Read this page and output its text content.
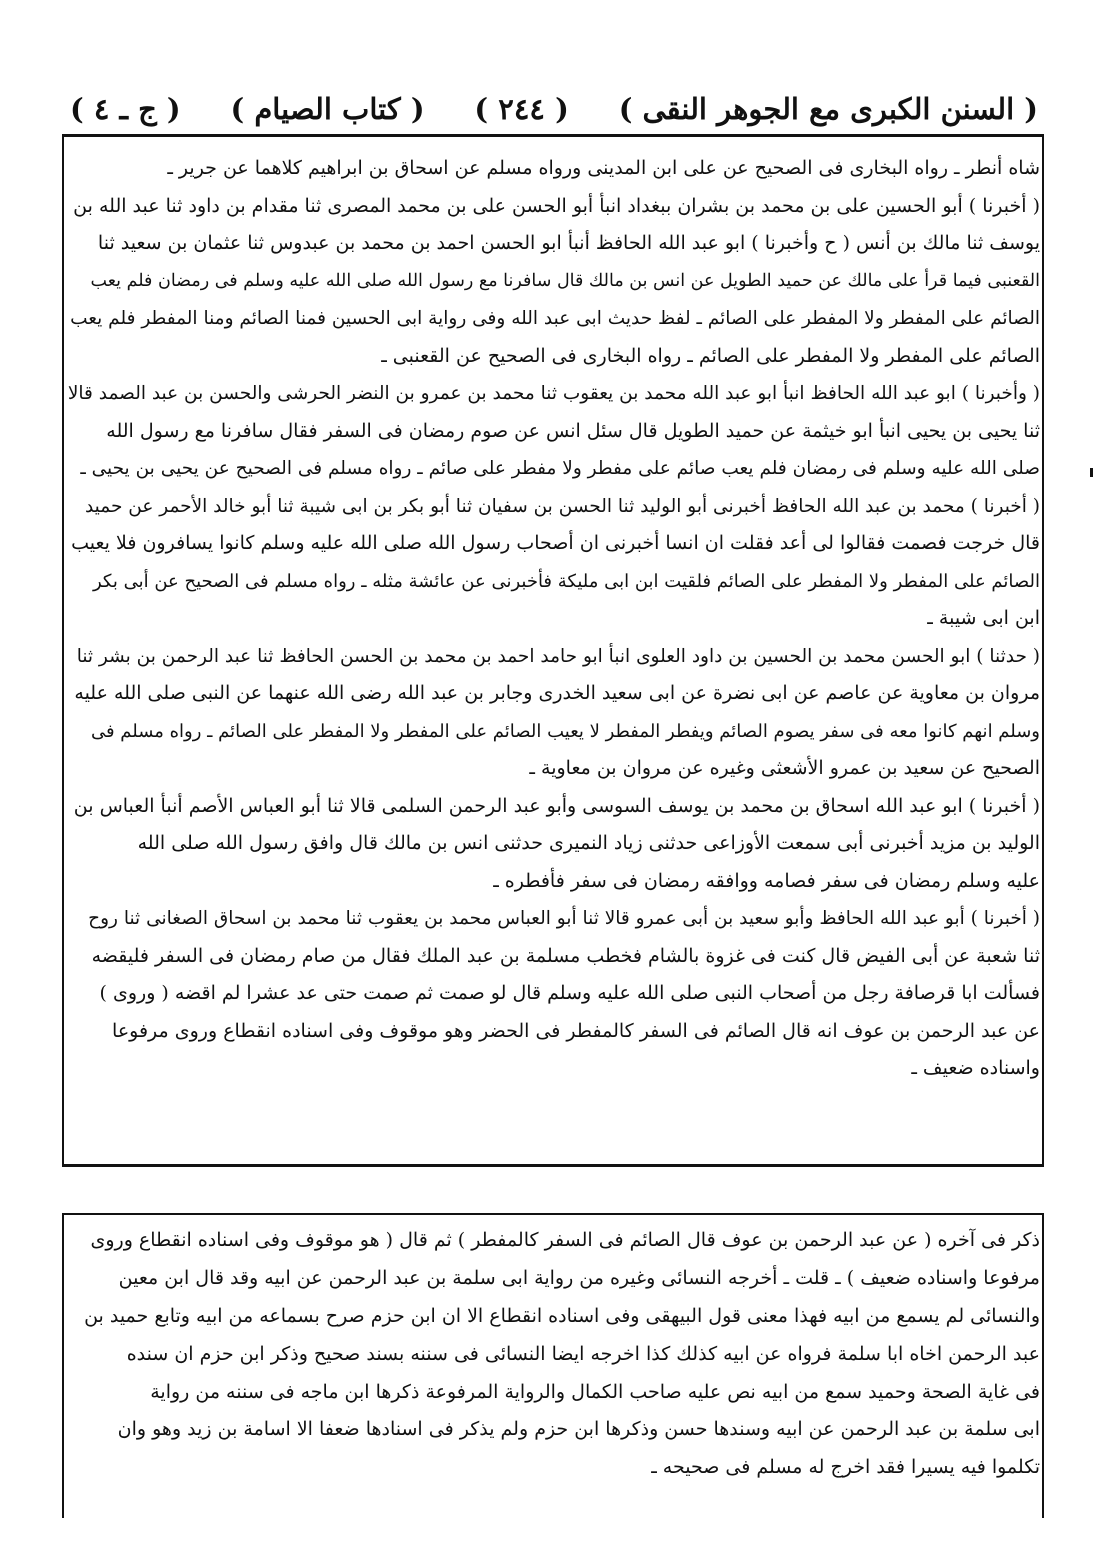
( السنن الكبرى مع الجوهر النقى )
( ٢٤٤ )
( كتاب الصيام )
( ج ـ ٤ )
شاه أنطر ـ رواه البخارى فى الصحيح عن على ابن المدينى ورواه مسلم عن اسحاق بن ابراهيم كلاهما عن جرير ـ
( أخبرنا ) أبو الحسين على بن محمد بن بشران ببغداد انبأ أبو الحسن على بن محمد المصرى ثنا مقدام بن داود ثنا عبد الله بن
يوسف ثنا مالك بن أنس ( ح وأخبرنا ) ابو عبد الله الحافظ أنبأ ابو الحسن احمد بن محمد بن عبدوس ثنا عثمان بن سعيد ثنا
القعنبى فيما قرأ على مالك عن حميد الطويل عن انس بن مالك قال سافرنا مع رسول الله صلى الله عليه وسلم فى رمضان فلم يعب
الصائم على المفطر ولا المفطر على الصائم ـ لفظ حديث ابى عبد الله وفى رواية ابى الحسين فمنا الصائم ومنا المفطر فلم يعب
الصائم على المفطر ولا المفطر على الصائم ـ رواه البخارى فى الصحيح عن القعنبى ـ
( وأخبرنا ) ابو عبد الله الحافظ انبأ ابو عبد الله محمد بن يعقوب ثنا محمد بن عمرو بن النضر الحرشى والحسن بن عبد الصمد قالا
ثنا يحيى بن يحيى انبأ ابو خيثمة عن حميد الطويل قال سئل انس عن صوم رمضان فى السفر فقال سافرنا مع رسول الله
صلى الله عليه وسلم فى رمضان فلم يعب صائم على مفطر ولا مفطر على صائم ـ رواه مسلم فى الصحيح عن يحيى بن يحيى ـ
( أخبرنا ) محمد بن عبد الله الحافظ أخبرنى أبو الوليد ثنا الحسن بن سفيان ثنا أبو بكر بن ابى شيبة ثنا أبو خالد الأحمر عن حميد
قال خرجت فصمت فقالوا لى أعد فقلت ان انسا أخبرنى ان أصحاب رسول الله صلى الله عليه وسلم كانوا يسافرون فلا يعيب
الصائم على المفطر ولا المفطر على الصائم فلقيت ابن ابى مليكة فأخبرنى عن عائشة مثله ـ رواه مسلم فى الصحيح عن أبى بكر
ابن ابى شيبة ـ
( حدثنا ) ابو الحسن محمد بن الحسين بن داود العلوى انبأ ابو حامد احمد بن محمد بن الحسن الحافظ ثنا عبد الرحمن بن بشر ثنا
مروان بن معاوية عن عاصم عن ابى نضرة عن ابى سعيد الخدرى وجابر بن عبد الله رضى الله عنهما عن النبى صلى الله عليه
وسلم انهم كانوا معه فى سفر يصوم الصائم ويفطر المفطر لا يعيب الصائم على المفطر ولا المفطر على الصائم ـ رواه مسلم فى
الصحيح عن سعيد بن عمرو الأشعثى وغيره عن مروان بن معاوية ـ
( أخبرنا ) ابو عبد الله اسحاق بن محمد بن يوسف السوسى وأبو عبد الرحمن السلمى قالا ثنا أبو العباس الأصم أنبأ العباس بن
الوليد بن مزيد أخبرنى أبى سمعت الأوزاعى حدثنى زياد النميرى حدثنى انس بن مالك قال وافق رسول الله صلى الله
عليه وسلم رمضان فى سفر فصامه ووافقه رمضان فى سفر فأفطره ـ
( أخبرنا ) أبو عبد الله الحافظ وأبو سعيد بن أبى عمرو قالا ثنا أبو العباس محمد بن يعقوب ثنا محمد بن اسحاق الصغانى ثنا روح
ثنا شعبة عن أبى الفيض قال كنت فى غزوة بالشام فخطب مسلمة بن عبد الملك فقال من صام رمضان فى السفر فليقضه
فسألت ابا قرصافة رجل من أصحاب النبى صلى الله عليه وسلم قال لو صمت ثم صمت حتى عد عشرا لم اقضه ( وروى )
عن عبد الرحمن بن عوف انه قال الصائم فى السفر كالمفطر فى الحضر وهو موقوف وفى اسناده انقطاع وروى مرفوعا
واسناده ضعيف ـ
ذكر فى آخره ( عن عبد الرحمن بن عوف قال الصائم فى السفر كالمفطر ) ثم قال ( هو موقوف وفى اسناده انقطاع وروى
مرفوعا واسناده ضعيف ) ـ قلت ـ أخرجه النسائى وغيره من رواية ابى سلمة بن عبد الرحمن عن ابيه وقد قال ابن معين
والنسائى لم يسمع من ابيه فهذا معنى قول البيهقى وفى اسناده انقطاع الا ان ابن حزم صرح بسماعه من ابيه وتابع حميد بن
عبد الرحمن اخاه ابا سلمة فرواه عن ابيه كذلك كذا اخرجه ايضا النسائى فى سننه بسند صحيح وذكر ابن حزم ان سنده
فى غاية الصحة وحميد سمع من ابيه نص عليه صاحب الكمال والرواية المرفوعة ذكرها ابن ماجه فى سننه من رواية
ابى سلمة بن عبد الرحمن عن ابيه وسندها حسن وذكرها ابن حزم ولم يذكر فى اسنادها ضعفا الا اسامة بن زيد وهو وان
تكلموا فيه يسيرا فقد اخرج له مسلم فى صحيحه ـ
